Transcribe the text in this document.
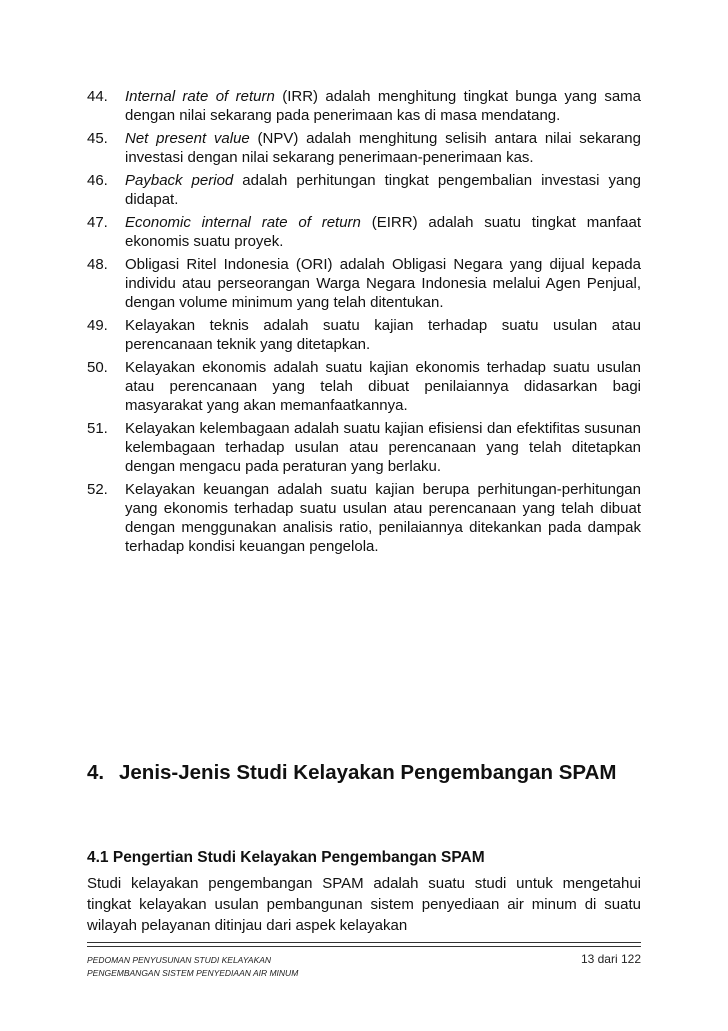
44. Internal rate of return (IRR) adalah menghitung tingkat bunga yang sama dengan nilai sekarang pada penerimaan kas di masa mendatang.
45. Net present value (NPV) adalah menghitung selisih antara nilai sekarang investasi dengan nilai sekarang penerimaan-penerimaan kas.
46. Payback period adalah perhitungan tingkat pengembalian investasi yang didapat.
47. Economic internal rate of return (EIRR) adalah suatu tingkat manfaat ekonomis suatu proyek.
48. Obligasi Ritel Indonesia (ORI) adalah Obligasi Negara yang dijual kepada individu atau perseorangan Warga Negara Indonesia melalui Agen Penjual, dengan volume minimum yang telah ditentukan.
49. Kelayakan teknis adalah suatu kajian terhadap suatu usulan atau perencanaan teknik yang ditetapkan.
50. Kelayakan ekonomis adalah suatu kajian ekonomis terhadap suatu usulan atau perencanaan yang telah dibuat penilaiannya didasarkan bagi masyarakat yang akan memanfaatkannya.
51. Kelayakan kelembagaan adalah suatu kajian efisiensi dan efektifitas susunan kelembagaan terhadap usulan atau perencanaan yang telah ditetapkan dengan mengacu pada peraturan yang berlaku.
52. Kelayakan keuangan adalah suatu kajian berupa perhitungan-perhitungan yang ekonomis terhadap suatu usulan atau perencanaan yang telah dibuat dengan menggunakan analisis ratio, penilaiannya ditekankan pada dampak terhadap kondisi keuangan pengelola.
4. Jenis-Jenis Studi Kelayakan Pengembangan SPAM
4.1 Pengertian Studi Kelayakan Pengembangan SPAM

Studi kelayakan pengembangan SPAM adalah suatu studi untuk mengetahui tingkat kelayakan usulan pembangunan sistem penyediaan air minum di suatu wilayah pelayanan ditinjau dari aspek kelayakan

PEDOMAN PENYUSUNAN STUDI KELAYAKAN
PENGEMBANGAN SISTEM PENYEDIAAN AIR MINUM
13 dari 122
